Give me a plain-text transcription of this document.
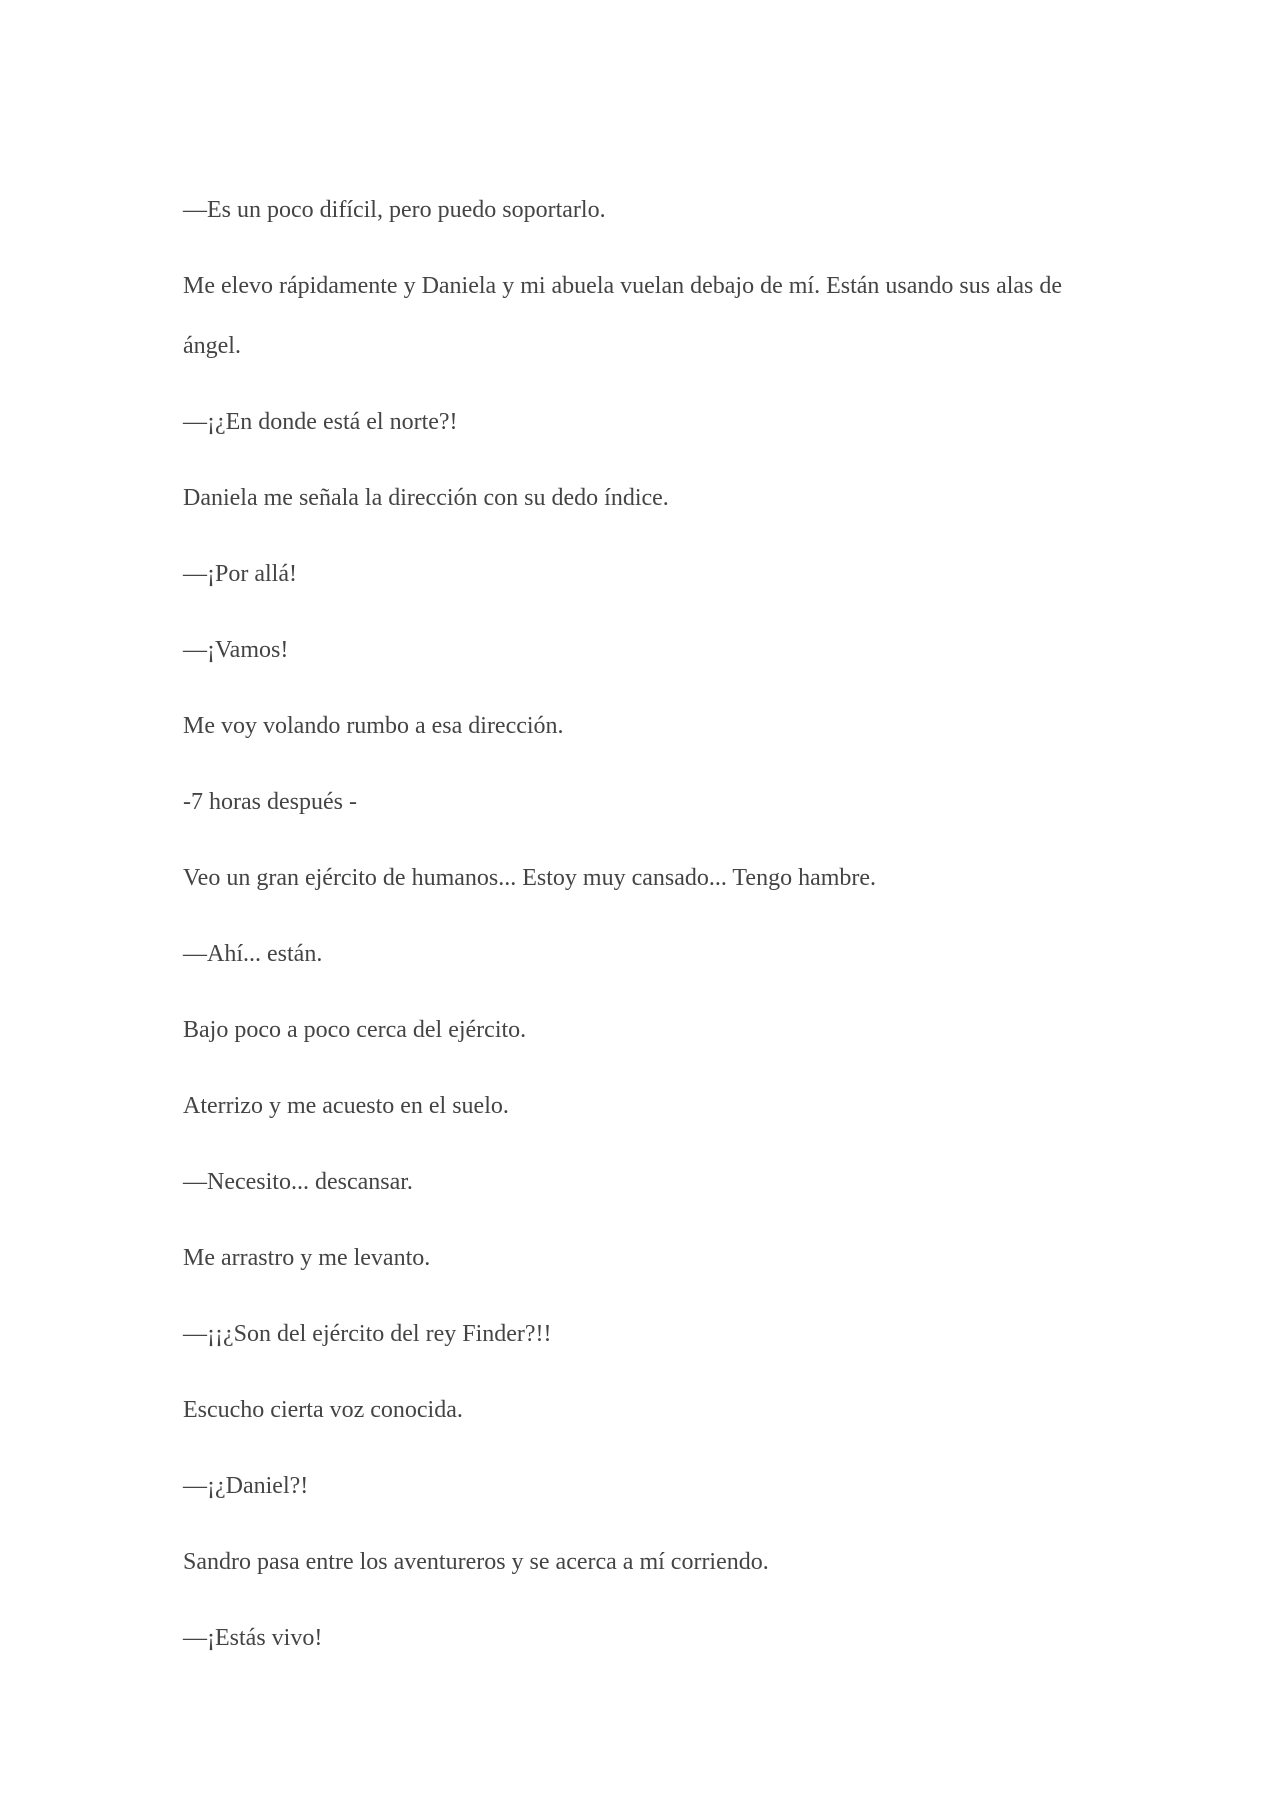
—Es un poco difícil, pero puedo soportarlo.

Me elevo rápidamente y Daniela y mi abuela vuelan debajo de mí. Están usando sus alas de ángel.

—¡¿En donde está el norte?!

Daniela me señala la dirección con su dedo índice.

—¡Por allá!

—¡Vamos!

Me voy volando rumbo a esa dirección.

-7 horas después -

Veo un gran ejército de humanos... Estoy muy cansado... Tengo hambre.

—Ahí... están.

Bajo poco a poco cerca del ejército.

Aterrizo y me acuesto en el suelo.

—Necesito... descansar.

Me arrastro y me levanto.

—¡¡¿Son del ejército del rey Finder?!!

Escucho cierta voz conocida.

—¡¿Daniel?!

Sandro pasa entre los aventureros y se acerca a mí corriendo.

—¡Estás vivo!
